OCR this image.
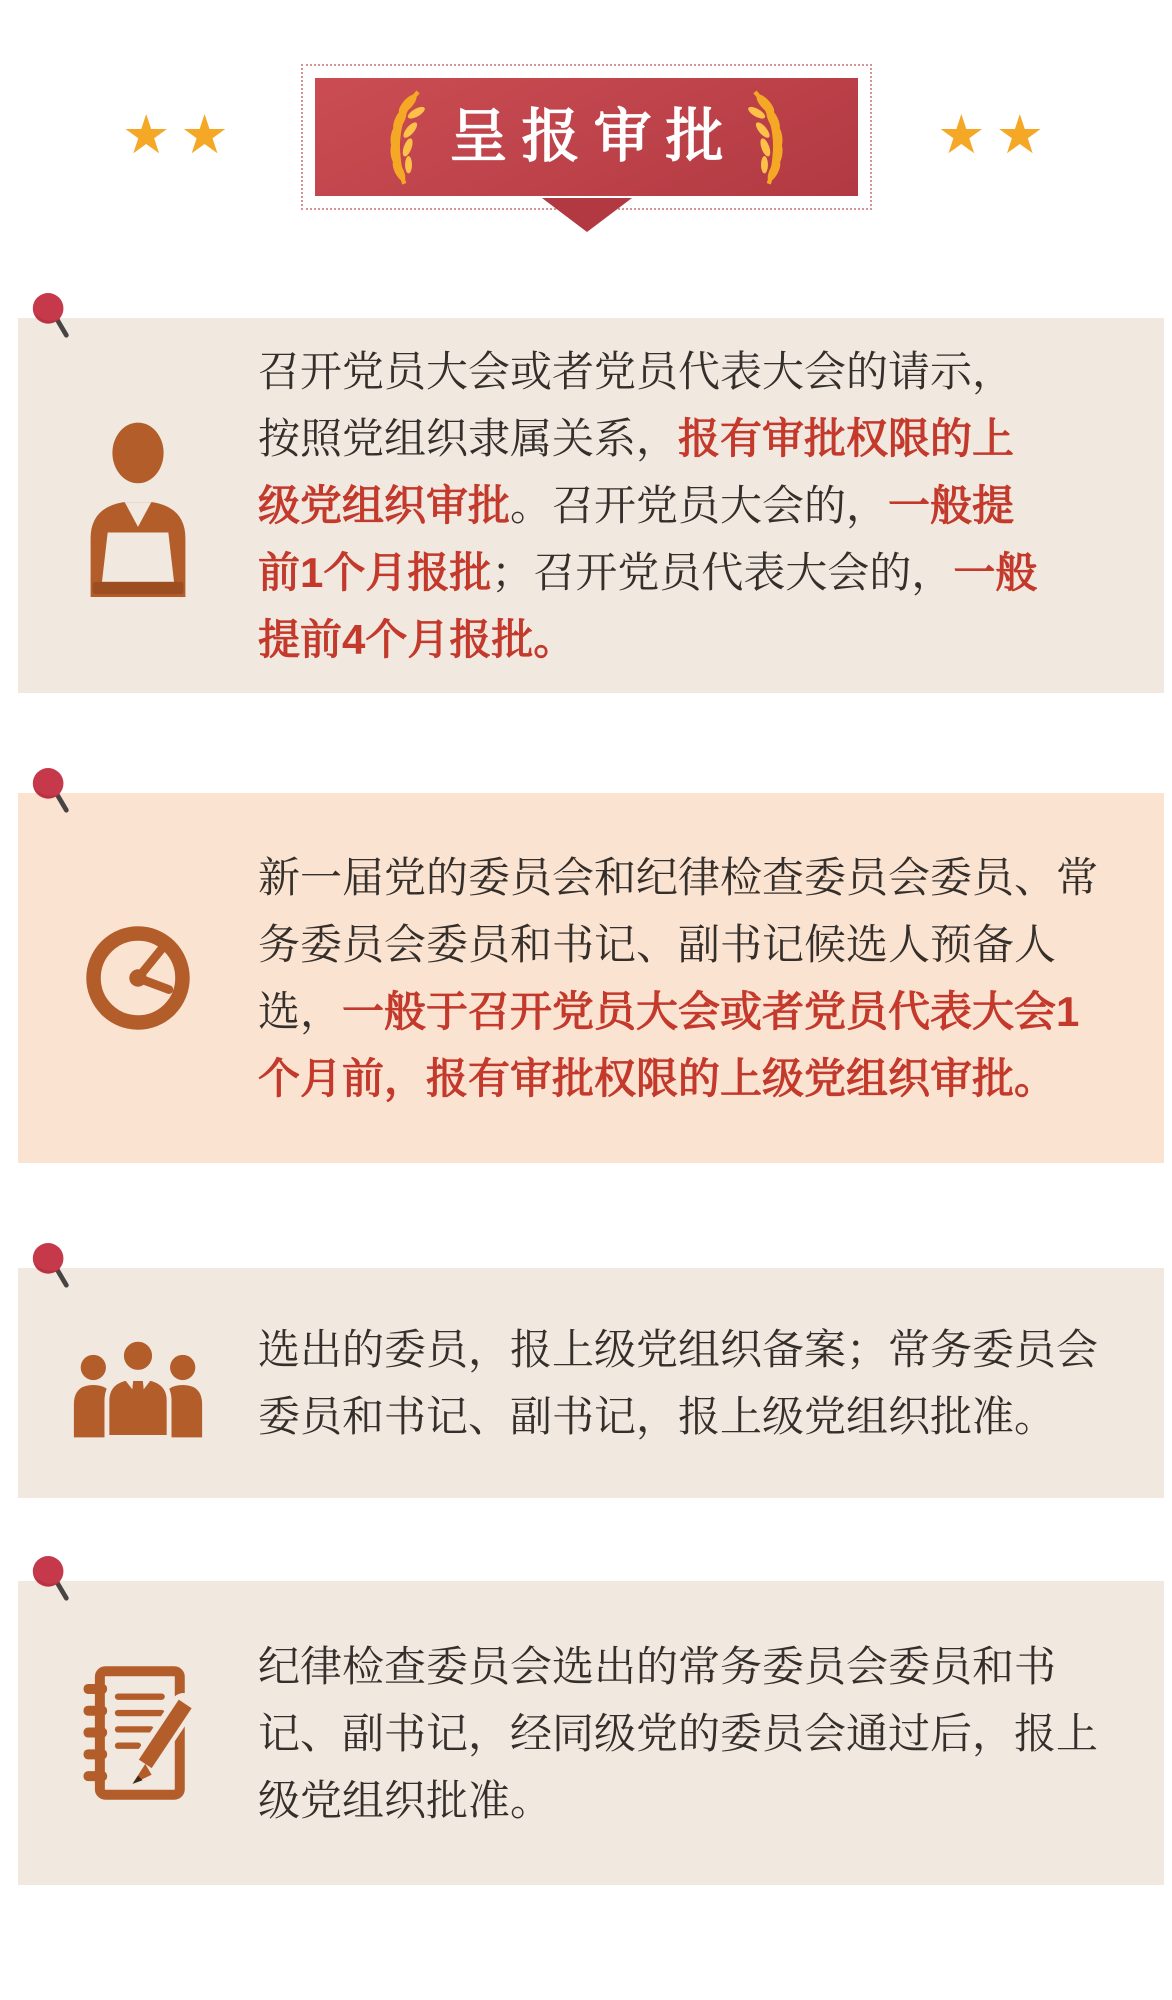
★★	呈报审批	★★
召开党员大会或者党员代表大会的请示，
按照党组织隶属关系，报有审批权限的上
级党组织审批。召开党员大会的，一般提
前1个月报批；召开党员代表大会的，一般
提前4个月报批。
新一届党的委员会和纪律检查委员会委员、常
务委员会委员和书记、副书记候选人预备人
选，一般于召开党员大会或者党员代表大会1
个月前，报有审批权限的上级党组织审批。
选出的委员，报上级党组织备案；常务委员会
委员和书记、副书记，报上级党组织批准。
纪律检查委员会选出的常务委员会委员和书
记、副书记，经同级党的委员会通过后，报上
级党组织批准。
